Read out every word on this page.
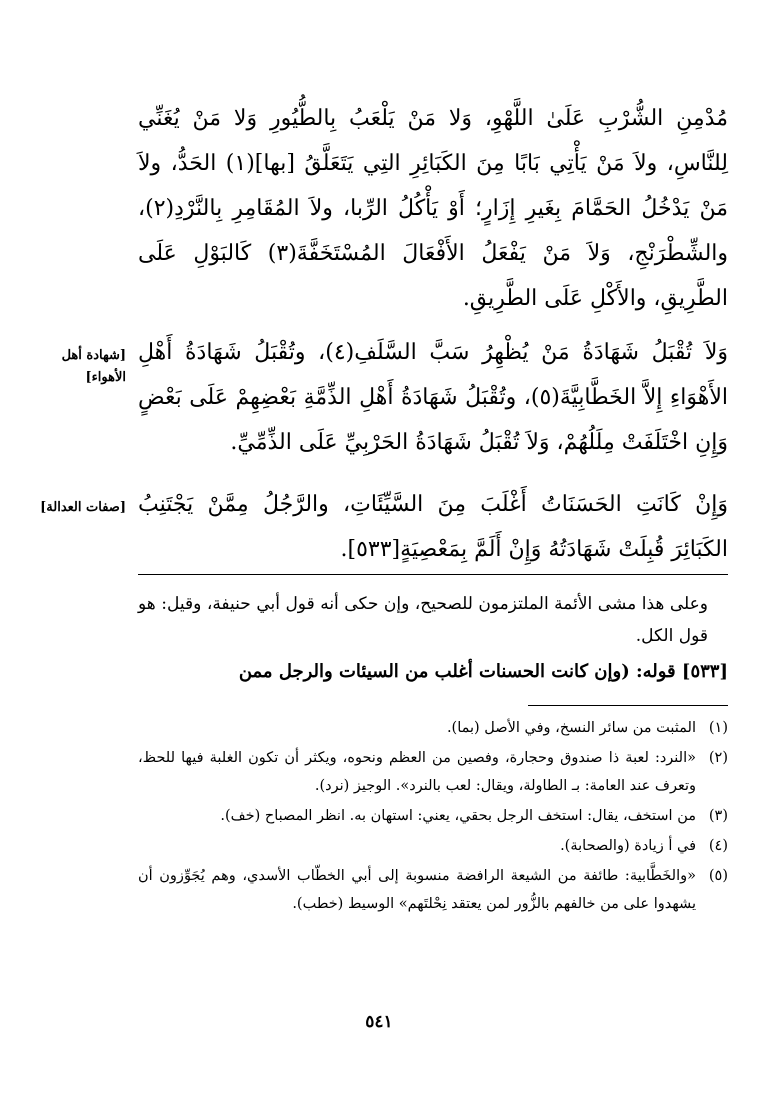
مُدْمِنِ الشُّرْبِ عَلَىٰ اللَّهْوِ، وَلا مَنْ يَلْعَبُ بِالطُّيُورِ وَلا مَنْ يُغَنِّي لِلنَّاسِ، ولاَ مَنْ يَأْتِي بَابًا مِنَ الكَبَائِرِ التِي يَتَعَلَّقُ [بها](١) الحَدُّ، ولاَ مَنْ يَدْخُلُ الحَمَّامَ بِغَيرِ إِزَارٍ؛ أَوْ يَأْكُلُ الرِّبا، ولاَ المُقَامِرِ بِالنَّرْدِ(٢)، والشِّطْرَنْجِ، وَلاَ مَنْ يَفْعَلُ الأَفْعَالَ المُسْتَخَفَّةَ(٣) كَالبَوْلِ عَلَى الطَّرِيقِ، والأَكْلِ عَلَى الطَّرِيقِ.
[شهادة أهل الأهواء]
وَلاَ تُقْبَلُ شَهَادَةُ مَنْ يُظْهِرُ سَبَّ السَّلَفِ(٤)، وتُقْبَلُ شَهَادَةُ أَهْلِ الأَهْوَاءِ إِلاَّ الخَطَّابِيَّةَ(٥)، وتُقْبَلُ شَهَادَةُ أَهْلِ الذِّمَّةِ بَعْضِهِمْ عَلَى بَعْضٍ وَإِنِ اخْتَلَفَتْ مِلَلُهُمْ، وَلاَ تُقْبَلُ شَهَادَةُ الحَرْبِيِّ عَلَى الذِّمِّيِّ.
[صفات العدالة] وَإِنْ كَانَتِ الحَسَنَاتُ أَغْلَبَ مِنَ السَّيِّئَاتِ، والرَّجُلُ مِمَّنْ يَجْتَنِبُ الكَبَائِرَ قُبِلَتْ شَهَادَتُهُ وَإِنْ أَلَمَّ بِمَعْصِيَةٍ[٥٣٣].
وعلى هذا مشى الأئمة الملتزمون للصحيح، وإن حكى أنه قول أبي حنيفة، وقيل: هو قول الكل.
[٥٣٣] قوله: (وإن كانت الحسنات أغلب من السيئات والرجل ممن
(١)
المثبت من سائر النسخ، وفي الأصل (بما).
(٢)
«النرد: لعبة ذا صندوق وحجارة، وفصين من العظم ونحوه، ويكثر أن تكون الغلبة فيها للحظ، وتعرف عند العامة: بـ الطاولة، ويقال: لعب بالنرد». الوجيز (نرد).
(٣)
من استخف، يقال: استخف الرجل بحقي، يعني: استهان به. انظر المصباح (خف).
(٤)
في أ زيادة (والصحابة).
(٥)
«والخَطَّابية: طائفة من الشيعة الرافضة منسوبة إلى أبي الخطّاب الأسدي، وهم يُجَوِّزون أن يشهدوا على من خالفهم بالزُّور لمن يعتقد نِحْلتَهم» الوسيط (خطب).
٥٤١
